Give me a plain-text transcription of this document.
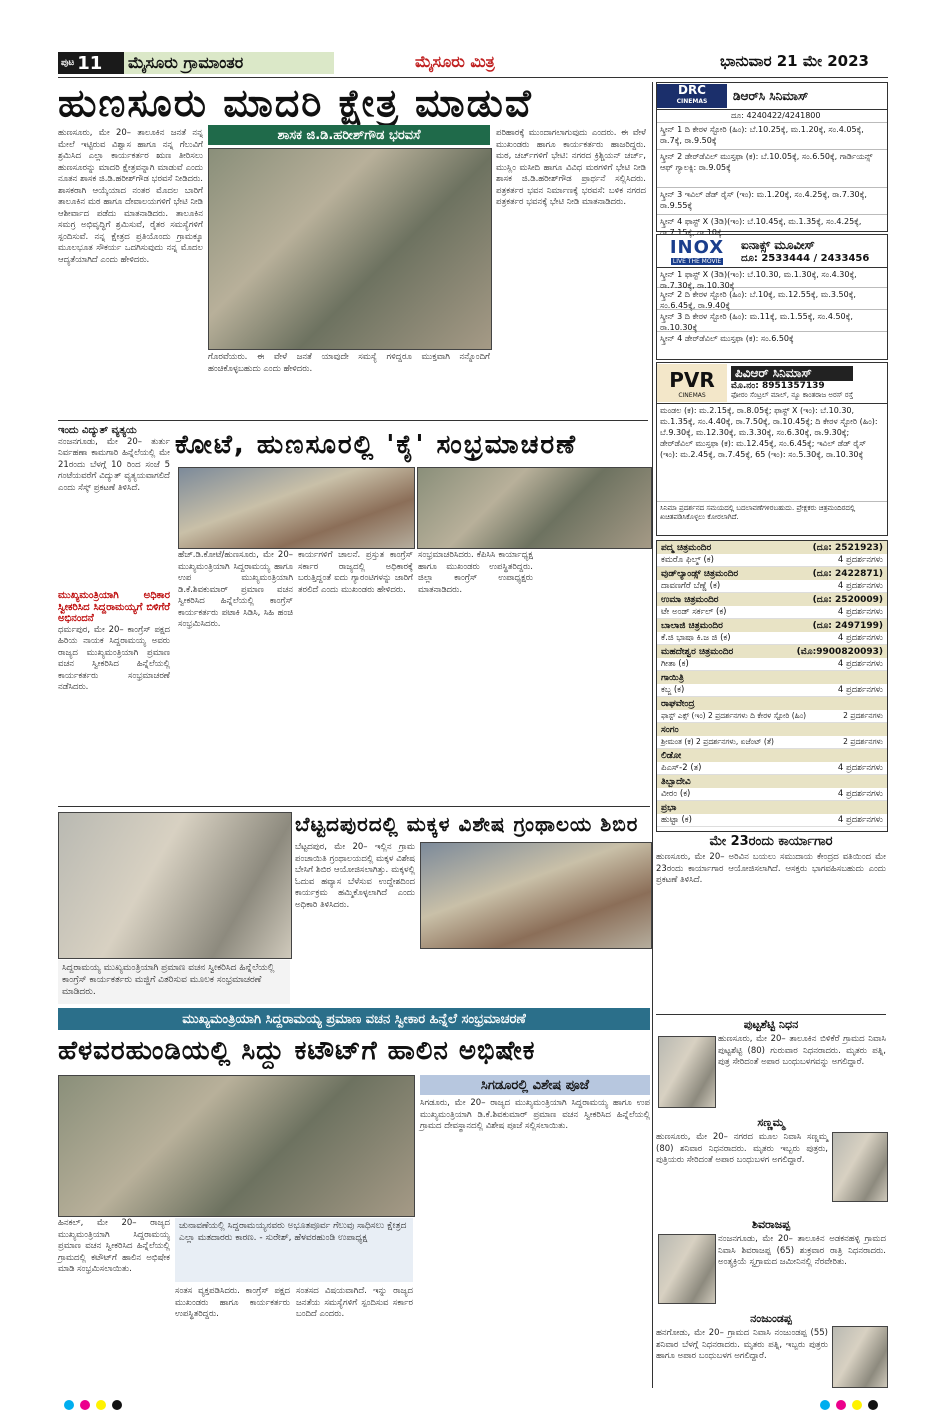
ಪುಟ 11 ಮೈಸೂರು ಗ್ರಾಮಾಂತರ	ಮೈಸೂರು ಮಿತ್ರ	ಭಾನುವಾರ 21 ಮೇ 2023
ಹುಣಸೂರು ಮಾದರಿ ಕ್ಷೇತ್ರ ಮಾಡುವೆ
ಶಾಸಕ ಜಿ.ಡಿ.ಹರೀಶ್‌ಗೌಡ ಭರವಸೆ

ಹುಣಸೂರು, ಮೇ 20– ತಾಲೂಕಿನ ಜನತೆ ನನ್ನ ಮೇಲೆ ಇಟ್ಟಿರುವ ವಿಶ್ವಾಸ ಹಾಗೂ ನನ್ನ ಗೆಲುವಿಗೆ ಶ್ರಮಿಸಿದ ಎಲ್ಲಾ ಕಾರ್ಯಕರ್ತರ ಋಣ ತೀರಿಸಲು ಹುಣಸೂರನ್ನು ಮಾದರಿ ಕ್ಷೇತ್ರವನ್ನಾಗಿ ಮಾಡುವೆ ಎಂದು ನೂತನ ಶಾಸಕ ಜಿ.ಡಿ.ಹರೀಶ್‌ಗೌಡ ಭರವಸೆ ನೀಡಿದರು. ಶಾಸಕರಾಗಿ ಆಯ್ಕೆಯಾದ ನಂತರ ಮೊದಲ ಬಾರಿಗೆ ತಾಲೂಕಿನ ಮಠ ಹಾಗೂ ದೇವಾಲಯಗಳಿಗೆ ಭೇಟಿ ನೀಡಿ ಆಶೀರ್ವಾದ ಪಡೆದು ಮಾತನಾಡಿದರು. ತಾಲೂಕಿನ ಸಮಗ್ರ ಅಭಿವೃದ್ಧಿಗೆ ಶ್ರಮಿಸುವೆ, ರೈತರ ಸಮಸ್ಯೆಗಳಿಗೆ ಸ್ಪಂದಿಸುವೆ. ನನ್ನ ಕ್ಷೇತ್ರದ ಪ್ರತಿಯೊಂದು ಗ್ರಾಮಕ್ಕೂ ಮೂಲಭೂತ ಸೌಕರ್ಯ ಒದಗಿಸುವುದು ನನ್ನ ಮೊದಲ ಆದ್ಯತೆಯಾಗಿದೆ ಎಂದು ಹೇಳಿದರು.

ಗೊರವೆಯರು. ಈ ವೇಳೆ ಜನತೆ ಯಾವುದೇ ಸಮಸ್ಯೆ ಗಳಿದ್ದರೂ ಮುಕ್ತವಾಗಿ ನನ್ನೊಂದಿಗೆ ಹಂಚಿಕೊಳ್ಳಬಹುದು ಎಂದು ಹೇಳಿದರು.

ಪರಿಹಾರಕ್ಕೆ ಮುಂದಾಗಲಾಗುವುದು ಎಂದರು. ಈ ವೇಳೆ ಮುಖಂಡರು ಹಾಗೂ ಕಾರ್ಯಕರ್ತರು ಹಾಜರಿದ್ದರು. ಮಠ, ಚರ್ಚ್‌ಗಳಿಗೆ ಭೇಟಿ: ನಗರದ ಕ್ರಿಶ್ಚಿಯನ್ ಚರ್ಚ್, ಮುಸ್ಲಿಂ ಮಸೀದಿ ಹಾಗೂ ವಿವಿಧ ಮಠಗಳಿಗೆ ಭೇಟಿ ನೀಡಿ ಶಾಸಕ ಜಿ.ಡಿ.ಹರೀಶ್‌ಗೌಡ ಪ್ರಾರ್ಥನೆ ಸಲ್ಲಿಸಿದರು. ಪತ್ರಕರ್ತರ ಭವನ ನಿರ್ಮಾಣಕ್ಕೆ ಭರವಸೆ: ಬಳಿಕ ನಗರದ ಪತ್ರಕರ್ತರ ಭವನಕ್ಕೆ ಭೇಟಿ ನೀಡಿ ಮಾತನಾಡಿದರು.

ಇಂದು ವಿದ್ಯುತ್ ವ್ಯತ್ಯಯ

ನಂಜನಗೂಡು, ಮೇ 20– ತುರ್ತು ನಿರ್ವಹಣಾ ಕಾಮಗಾರಿ ಹಿನ್ನೆಲೆಯಲ್ಲಿ ಮೇ 21ರಂದು ಬೆಳಗ್ಗೆ 10 ರಿಂದ ಸಂಜೆ 5 ಗಂಟೆಯವರೆಗೆ ವಿದ್ಯುತ್ ವ್ಯತ್ಯಯವಾಗಲಿದೆ ಎಂದು ಸೆಸ್ಕ್ ಪ್ರಕಟಣೆ ತಿಳಿಸಿದೆ.

ಮುಖ್ಯಮಂತ್ರಿಯಾಗಿ ಅಧಿಕಾರ ಸ್ವೀಕರಿಸಿದ ಸಿದ್ದರಾಮಯ್ಯಗೆ ಬಿಳಿಗೆರೆ ಅಭಿನಂದನೆ

ಧರ್ಮಪುರ, ಮೇ 20– ಕಾಂಗ್ರೆಸ್ ಪಕ್ಷದ ಹಿರಿಯ ನಾಯಕ ಸಿದ್ದರಾಮಯ್ಯ ಅವರು ರಾಜ್ಯದ ಮುಖ್ಯಮಂತ್ರಿಯಾಗಿ ಪ್ರಮಾಣ ವಚನ ಸ್ವೀಕರಿಸಿದ ಹಿನ್ನೆಲೆಯಲ್ಲಿ ಕಾರ್ಯಕರ್ತರು ಸಂಭ್ರಮಾಚರಣೆ ನಡೆಸಿದರು.

ಕೋಟೆ, ಹುಣಸೂರಲ್ಲಿ 'ಕೈ' ಸಂಭ್ರಮಾಚರಣೆ

ಹೆಚ್.ಡಿ.ಕೋಟೆ/ಹುಣಸೂರು, ಮೇ 20– ಮುಖ್ಯಮಂತ್ರಿಯಾಗಿ ಸಿದ್ದರಾಮಯ್ಯ ಹಾಗೂ ಉಪ ಮುಖ್ಯಮಂತ್ರಿಯಾಗಿ ಡಿ.ಕೆ.ಶಿವಕುಮಾರ್ ಪ್ರಮಾಣ ವಚನ ಸ್ವೀಕರಿಸಿದ ಹಿನ್ನೆಲೆಯಲ್ಲಿ ಕಾಂಗ್ರೆಸ್ ಕಾರ್ಯಕರ್ತರು ಪಟಾಕಿ ಸಿಡಿಸಿ, ಸಿಹಿ ಹಂಚಿ ಸಂಭ್ರಮಿಸಿದರು.

ಕಾರ್ಯಗಳಿಗೆ ಚಾಲನೆ. ಪ್ರಸ್ತುತ ಕಾಂಗ್ರೆಸ್ ಸರ್ಕಾರ ರಾಜ್ಯದಲ್ಲಿ ಅಧಿಕಾರಕ್ಕೆ ಬರುತ್ತಿದ್ದಂತೆ ಐದು ಗ್ಯಾರಂಟಿಗಳನ್ನು ಜಾರಿಗೆ ತರಲಿದೆ ಎಂದು ಮುಖಂಡರು ಹೇಳಿದರು.

ಸಂಭ್ರಮಾಚರಿಸಿದರು. ಕೆಪಿಸಿಸಿ ಕಾರ್ಯಾಧ್ಯಕ್ಷ ಹಾಗೂ ಮುಖಂಡರು ಉಪಸ್ಥಿತರಿದ್ದರು. ಜಿಲ್ಲಾ ಕಾಂಗ್ರೆಸ್ ಉಪಾಧ್ಯಕ್ಷರು ಮಾತನಾಡಿದರು.

ಸಿದ್ದರಾಮಯ್ಯ ಮುಖ್ಯಮಂತ್ರಿಯಾಗಿ ಪ್ರಮಾಣ ವಚನ ಸ್ವೀಕರಿಸಿದ ಹಿನ್ನೆಲೆಯಲ್ಲಿ ಕಾಂಗ್ರೆಸ್ ಕಾರ್ಯಕರ್ತರು ಮಜ್ಜಿಗೆ ವಿತರಿಸುವ ಮೂಲಕ ಸಂಭ್ರಮಾಚರಣೆ ಮಾಡಿದರು.
ಬೆಟ್ಟದಪುರದಲ್ಲಿ ಮಕ್ಕಳ ವಿಶೇಷ ಗ್ರಂಥಾಲಯ ಶಿಬಿರ

ಬೆಟ್ಟದಪುರ, ಮೇ 20– ಇಲ್ಲಿನ ಗ್ರಾಮ ಪಂಚಾಯಿತಿ ಗ್ರಂಥಾಲಯದಲ್ಲಿ ಮಕ್ಕಳ ವಿಶೇಷ ಬೇಸಿಗೆ ಶಿಬಿರ ಆಯೋಜಿಸಲಾಗಿತ್ತು. ಮಕ್ಕಳಲ್ಲಿ ಓದುವ ಹವ್ಯಾಸ ಬೆಳೆಸುವ ಉದ್ದೇಶದಿಂದ ಕಾರ್ಯಕ್ರಮ ಹಮ್ಮಿಕೊಳ್ಳಲಾಗಿದೆ ಎಂದು ಅಧಿಕಾರಿ ತಿಳಿಸಿದರು.

ಮುಖ್ಯಮಂತ್ರಿಯಾಗಿ ಸಿದ್ದರಾಮಯ್ಯ ಪ್ರಮಾಣ ವಚನ ಸ್ವೀಕಾರ ಹಿನ್ನೆಲೆ ಸಂಭ್ರಮಾಚರಣೆ
ಹೆಳವರಹುಂಡಿಯಲ್ಲಿ ಸಿದ್ದು ಕಟೌಟ್‌ಗೆ ಹಾಲಿನ ಅಭಿಷೇಕ
ಸಿಗಡೂರಲ್ಲಿ ವಿಶೇಷ ಪೂಜೆ

ಸಿಗಡೂರು, ಮೇ 20– ರಾಜ್ಯದ ಮುಖ್ಯಮಂತ್ರಿಯಾಗಿ ಸಿದ್ದರಾಮಯ್ಯ ಹಾಗೂ ಉಪ ಮುಖ್ಯಮಂತ್ರಿಯಾಗಿ ಡಿ.ಕೆ.ಶಿವಕುಮಾರ್ ಪ್ರಮಾಣ ವಚನ ಸ್ವೀಕರಿಸಿದ ಹಿನ್ನೆಲೆಯಲ್ಲಿ ಗ್ರಾಮದ ದೇವಸ್ಥಾನದಲ್ಲಿ ವಿಶೇಷ ಪೂಜೆ ಸಲ್ಲಿಸಲಾಯಿತು.

ಹಿನಕಲ್, ಮೇ 20– ರಾಜ್ಯದ ಮುಖ್ಯಮಂತ್ರಿಯಾಗಿ ಸಿದ್ದರಾಮಯ್ಯ ಪ್ರಮಾಣ ವಚನ ಸ್ವೀಕರಿಸಿದ ಹಿನ್ನೆಲೆಯಲ್ಲಿ ಗ್ರಾಮದಲ್ಲಿ ಕಟೌಟ್‌ಗೆ ಹಾಲಿನ ಅಭಿಷೇಕ ಮಾಡಿ ಸಂಭ್ರಮಿಸಲಾಯಿತು.

ಚುನಾವಣೆಯಲ್ಲಿ ಸಿದ್ದರಾಮಯ್ಯನವರು ಅಭೂತಪೂರ್ವ ಗೆಲುವು ಸಾಧಿಸಲು ಕ್ಷೇತ್ರದ ಎಲ್ಲಾ ಮತದಾರರು ಕಾರಣ. - ಸುರೇಶ್, ಹೆಳವರಹುಂಡಿ ಉಪಾಧ್ಯಕ್ಷ

ಸಂತಸ ವ್ಯಕ್ತಪಡಿಸಿದರು. ಕಾಂಗ್ರೆಸ್ ಪಕ್ಷದ ಮುಖಂಡರು ಹಾಗೂ ಕಾರ್ಯಕರ್ತರು ಉಪಸ್ಥಿತರಿದ್ದರು.

ಸಂತಸದ ವಿಷಯವಾಗಿದೆ. ಇನ್ನು ರಾಜ್ಯದ ಜನತೆಯ ಸಮಸ್ಯೆಗಳಿಗೆ ಸ್ಪಂದಿಸುವ ಸರ್ಕಾರ ಬಂದಿದೆ ಎಂದರು.

DRC
CINEMAS	ಡಿಆರ್‌ಸಿ ಸಿನಿಮಾಸ್
ದೂ: 4240422/4241800
ಸ್ಕ್ರೀನ್ 1 ದಿ ಕೇರಳ ಸ್ಟೋರಿ (ಹಿಂ): ಬೆ.10.25ಕ್ಕೆ, ಮ.1.20ಕ್ಕೆ, ಸಂ.4.05ಕ್ಕೆ, ರಾ.7ಕ್ಕೆ, ರಾ.9.50ಕ್ಕೆ
ಸ್ಕ್ರೀನ್ 2 ಡೇರ್‌ಡೆವಿಲ್ ಮುಸ್ತಫಾ (ಕ): ಬೆ.10.05ಕ್ಕೆ, ಸಂ.6.50ಕ್ಕೆ, ಗಾರ್ಡಿಯನ್ಸ್ ಆಫ್ ಗ್ಯಾಲಕ್ಸಿ: ರಾ.9.05ಕ್ಕೆ
ಸ್ಕ್ರೀನ್ 3 ಇವಿಲ್ ಡೆಡ್ ರೈಸ್ (ಇಂ): ಮ.1.20ಕ್ಕೆ, ಸಂ.4.25ಕ್ಕೆ, ರಾ.7.30ಕ್ಕೆ, ರಾ.9.55ಕ್ಕೆ
ಸ್ಕ್ರೀನ್ 4 ಫಾಸ್ಟ್ X (3ಡಿ)(ಇಂ): ಬೆ.10.45ಕ್ಕೆ, ಮ.1.35ಕ್ಕೆ, ಸಂ.4.25ಕ್ಕೆ, ರಾ.7.15ಕ್ಕೆ, ರಾ.10ಕ್ಕೆ
INOX
LIVE THE MOVIE
ಐನಾಕ್ಸ್ ಮೂವೀಸ್
ದೂ: 2533444 / 2433456
ಸ್ಕ್ರೀನ್ 1 ಫಾಸ್ಟ್ X (3ಡಿ)(ಇಂ): ಬೆ.10.30, ಮ.1.30ಕ್ಕೆ, ಸಂ.4.30ಕ್ಕೆ, ರಾ.7.30ಕ್ಕೆ, ರಾ.10.30ಕ್ಕೆ
ಸ್ಕ್ರೀನ್ 2 ದಿ ಕೇರಳ ಸ್ಟೋರಿ (ಹಿಂ): ಬೆ.10ಕ್ಕೆ, ಮ.12.55ಕ್ಕೆ, ಮ.3.50ಕ್ಕೆ, ಸಂ.6.45ಕ್ಕೆ, ರಾ.9.40ಕ್ಕೆ
ಸ್ಕ್ರೀನ್ 3 ದಿ ಕೇರಳ ಸ್ಟೋರಿ (ಹಿಂ): ಮ.11ಕ್ಕೆ, ಮ.1.55ಕ್ಕೆ, ಸಂ.4.50ಕ್ಕೆ, ರಾ.10.30ಕ್ಕೆ
ಸ್ಕ್ರೀನ್ 4 ಡೇರ್‌ಡೆವಿಲ್ ಮುಸ್ತಫಾ (ಕ): ಸಂ.6.50ಕ್ಕೆ
PVR
CINEMAS
ಪಿವಿಆರ್ ಸಿನಿಮಾಸ್
ಮೊ.ನಂ: 8951357139
ಫೋರಂ ಸೆಂಟ್ರಲ್ ಮಾಲ್, ನ್ಯೂ ಕಾಂತರಾಜ ಅರಸ್ ರಸ್ತೆ
ಮಂಡಲ (ಕ): ಮ.2.15ಕ್ಕೆ, ರಾ.8.05ಕ್ಕೆ; ಫಾಸ್ಟ್ X (ಇಂ): ಬೆ.10.30, ಮ.1.35ಕ್ಕೆ, ಸಂ.4.40ಕ್ಕೆ, ರಾ.7.50ಕ್ಕೆ, ರಾ.10.45ಕ್ಕೆ; ದಿ ಕೇರಳ ಸ್ಟೋರಿ (ಹಿಂ): ಬೆ.9.30ಕ್ಕೆ, ಮ.12.30ಕ್ಕೆ, ಮ.3.30ಕ್ಕೆ, ಸಂ.6.30ಕ್ಕೆ, ರಾ.9.30ಕ್ಕೆ; ಡೇರ್‌ಡೆವಿಲ್ ಮುಸ್ತಫಾ (ಕ): ಮ.12.45ಕ್ಕೆ, ಸಂ.6.45ಕ್ಕೆ; ಇವಿಲ್ ಡೆಡ್ ರೈಸ್ (ಇಂ): ಮ.2.45ಕ್ಕೆ, ರಾ.7.45ಕ್ಕೆ, 65 (ಇಂ): ಸಂ.5.30ಕ್ಕೆ, ರಾ.10.30ಕ್ಕೆ
ಸಿನಿಮಾ ಪ್ರದರ್ಶನದ ಸಮಯದಲ್ಲಿ ಬದಲಾವಣೆಗಳಿರಬಹುದು. ಪ್ರೇಕ್ಷಕರು ಚಿತ್ರಮಂದಿರದಲ್ಲಿ ಖಚಿತಪಡಿಸಿಕೊಳ್ಳಲು ಕೋರಲಾಗಿದೆ.
ಪದ್ಮ ಚಿತ್ರಮಂದಿರ	(ದೂ: 2521923)
ಕಮರೊ ಫಿಲ್ಮ್ (ಕ)	4 ಪ್ರದರ್ಶನಗಳು
ವುಡ್‌ಲ್ಯಾಂಡ್ಸ್ ಚಿತ್ರಮಂದಿರ	(ದೂ: 2422871)
ದಾವಣಗೆರೆ ಬೆಣ್ಣೆ (ಕ)	4 ಪ್ರದರ್ಶನಗಳು
ಉಮಾ ಚಿತ್ರಮಂದಿರ	(ದೂ: 2520009)
ಟೇ ಅಂಡ್ ಸರ್ಕಲ್ (ಕ)	4 ಪ್ರದರ್ಶನಗಳು
ಬಾಲಾಜಿ ಚಿತ್ರಮಂದಿರ	(ದೂ: 2497199)
ಕೆ.ಜಿ ಭಾಷಾ ಕಿ.ಜ ಜಿ (ಕ)	4 ಪ್ರದರ್ಶನಗಳು
ಮಹದೇಶ್ವರ ಚಿತ್ರಮಂದಿರ	(ಮೊ:9900820093)
ಗೀತಾ (ಕ)	4 ಪ್ರದರ್ಶನಗಳು
ಗಾಯಿತ್ರಿ
ಕಬ್ಜ (ಕ)	4 ಪ್ರದರ್ಶನಗಳು
ರಾಘವೇಂದ್ರ
ಫಾಸ್ಟ್ ಎಕ್ಸ್ (ಇಂ) 2 ಪ್ರದರ್ಶನಗಳು ದಿ ಕೇರಳ ಸ್ಟೋರಿ (ಹಿಂ)	2 ಪ್ರದರ್ಶನಗಳು
ಸಂಗಂ
ಶ್ರೀಮಂತ (ಕ) 2 ಪ್ರದರ್ಶನಗಳು, ಏಜೆಂಟ್ (ತೆ)	2 ಪ್ರದರ್ಶನಗಳು
ಲಿಡೋ
ಪಿಎಸ್-2 (ತ)	4 ಪ್ರದರ್ಶನಗಳು
ತಿಬ್ಬಾದೇವಿ
ವೀರಂ (ಕ)	4 ಪ್ರದರ್ಶನಗಳು
ಪ್ರಭಾ
ಹುಟ್ಟಾ (ಕ)	4 ಪ್ರದರ್ಶನಗಳು
ಮೇ 23ರಂದು ಕಾರ್ಯಾಗಾರ

ಹುಣಸೂರು, ಮೇ 20– ಅರಿವಿನ ಬಯಲು ಸಮುದಾಯ ಕೇಂದ್ರದ ವತಿಯಿಂದ ಮೇ 23ರಂದು ಕಾರ್ಯಾಗಾರ ಆಯೋಜಿಸಲಾಗಿದೆ. ಆಸಕ್ತರು ಭಾಗವಹಿಸಬಹುದು ಎಂದು ಪ್ರಕಟಣೆ ತಿಳಿಸಿದೆ.

ಪುಟ್ಟಶೆಟ್ಟಿ ನಿಧನ

ಹುಣಸೂರು, ಮೇ 20– ತಾಲೂಕಿನ ಬಿಳಿಕೆರೆ ಗ್ರಾಮದ ನಿವಾಸಿ ಪುಟ್ಟಶೆಟ್ಟಿ (80) ಗುರುವಾರ ನಿಧನರಾದರು. ಮೃತರು ಪತ್ನಿ, ಪುತ್ರ ಸೇರಿದಂತೆ ಅಪಾರ ಬಂಧುಬಳಗವನ್ನು ಅಗಲಿದ್ದಾರೆ.

ಸಣ್ಣಮ್ಮ

ಹುಣಸೂರು, ಮೇ 20– ನಗರದ ಮೂಲ ನಿವಾಸಿ ಸಣ್ಣಮ್ಮ (80) ಶನಿವಾರ ನಿಧನರಾದರು. ಮೃತರು ಇಬ್ಬರು ಪುತ್ರರು, ಪುತ್ರಿಯರು ಸೇರಿದಂತೆ ಅಪಾರ ಬಂಧುಬಳಗ ಅಗಲಿದ್ದಾರೆ.

ಶಿವರಾಜಪ್ಪ

ನಂಜನಗೂಡು, ಮೇ 20– ತಾಲೂಕಿನ ಅಡಕನಹಳ್ಳಿ ಗ್ರಾಮದ ನಿವಾಸಿ ಶಿವರಾಜಪ್ಪ (65) ಶುಕ್ರವಾರ ರಾತ್ರಿ ನಿಧನರಾದರು. ಅಂತ್ಯಕ್ರಿಯೆ ಸ್ವಗ್ರಾಮದ ಜಮೀನಿನಲ್ಲಿ ನೆರವೇರಿತು.

ನಂಜುಂಡಪ್ಪ

ಹನಗೋಡು, ಮೇ 20– ಗ್ರಾಮದ ನಿವಾಸಿ ನಂಜುಂಡಪ್ಪ (55) ಶನಿವಾರ ಬೆಳಗ್ಗೆ ನಿಧನರಾದರು. ಮೃತರು ಪತ್ನಿ, ಇಬ್ಬರು ಪುತ್ರರು ಹಾಗೂ ಅಪಾರ ಬಂಧುಬಳಗ ಅಗಲಿದ್ದಾರೆ.
